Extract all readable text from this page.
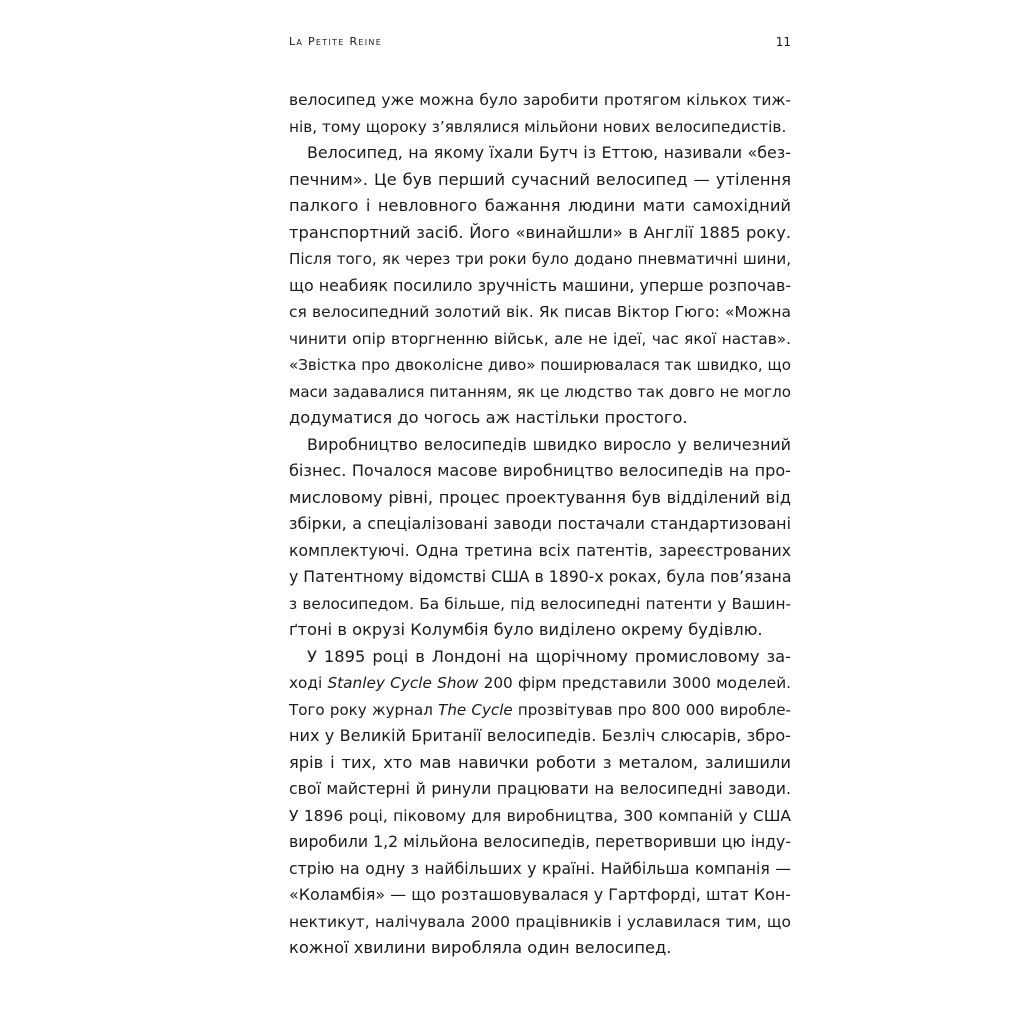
La Petite Reine	11
велосипед уже можна було заробити протягом кількох тиж-
нів, тому щороку з’являлися мільйони нових велосипедистів.
Велосипед, на якому їхали Бутч із Еттою, називали «без-
печним». Це був перший сучасний велосипед — утілення
палкого і невловного бажання людини мати самохідний
транспортний засіб. Його «винайшли» в Англії 1885 року.
Після того, як через три роки було додано пневматичні шини,
що неабияк посилило зручність машини, уперше розпочав-
ся велосипедний золотий вік. Як писав Віктор Гюго: «Можна
чинити опір вторгненню військ, але не ідеї, час якої настав».
«Звістка про двоколісне диво» поширювалася так швидко, що
маси задавалися питанням, як це людство так довго не могло
додуматися до чогось аж настільки простого.
Виробництво велосипедів швидко виросло у величезний
бізнес. Почалося масове виробництво велосипедів на про-
мисловому рівні, процес проектування був відділений від
збірки, а спеціалізовані заводи постачали стандартизовані
комплектуючі. Одна третина всіх патентів, зареєстрованих
у Патентному відомстві США в 1890-х роках, була пов’язана
з велосипедом. Ба більше, під велосипедні патенти у Вашин-
ґтоні в окрузі Колумбія було виділено окрему будівлю.
У 1895 році в Лондоні на щорічному промисловому за-
ході Stanley Cycle Show 200 фірм представили 3000 моделей.
Того року журнал The Cycle прозвітував про 800 000 виробле-
них у Великій Британії велосипедів. Безліч слюсарів, збро-
ярів і тих, хто мав навички роботи з металом, залишили
свої майстерні й ринули працювати на велосипедні заводи.
У 1896 році, піковому для виробництва, 300 компаній у США
виробили 1,2 мільйона велосипедів, перетворивши цю інду-
стрію на одну з найбільших у країні. Найбільша компанія —
«Коламбія» — що розташовувалася у Гартфорді, штат Кон-
нектикут, налічувала 2000 працівників і уславилася тим, що
кожної хвилини виробляла один велосипед.
